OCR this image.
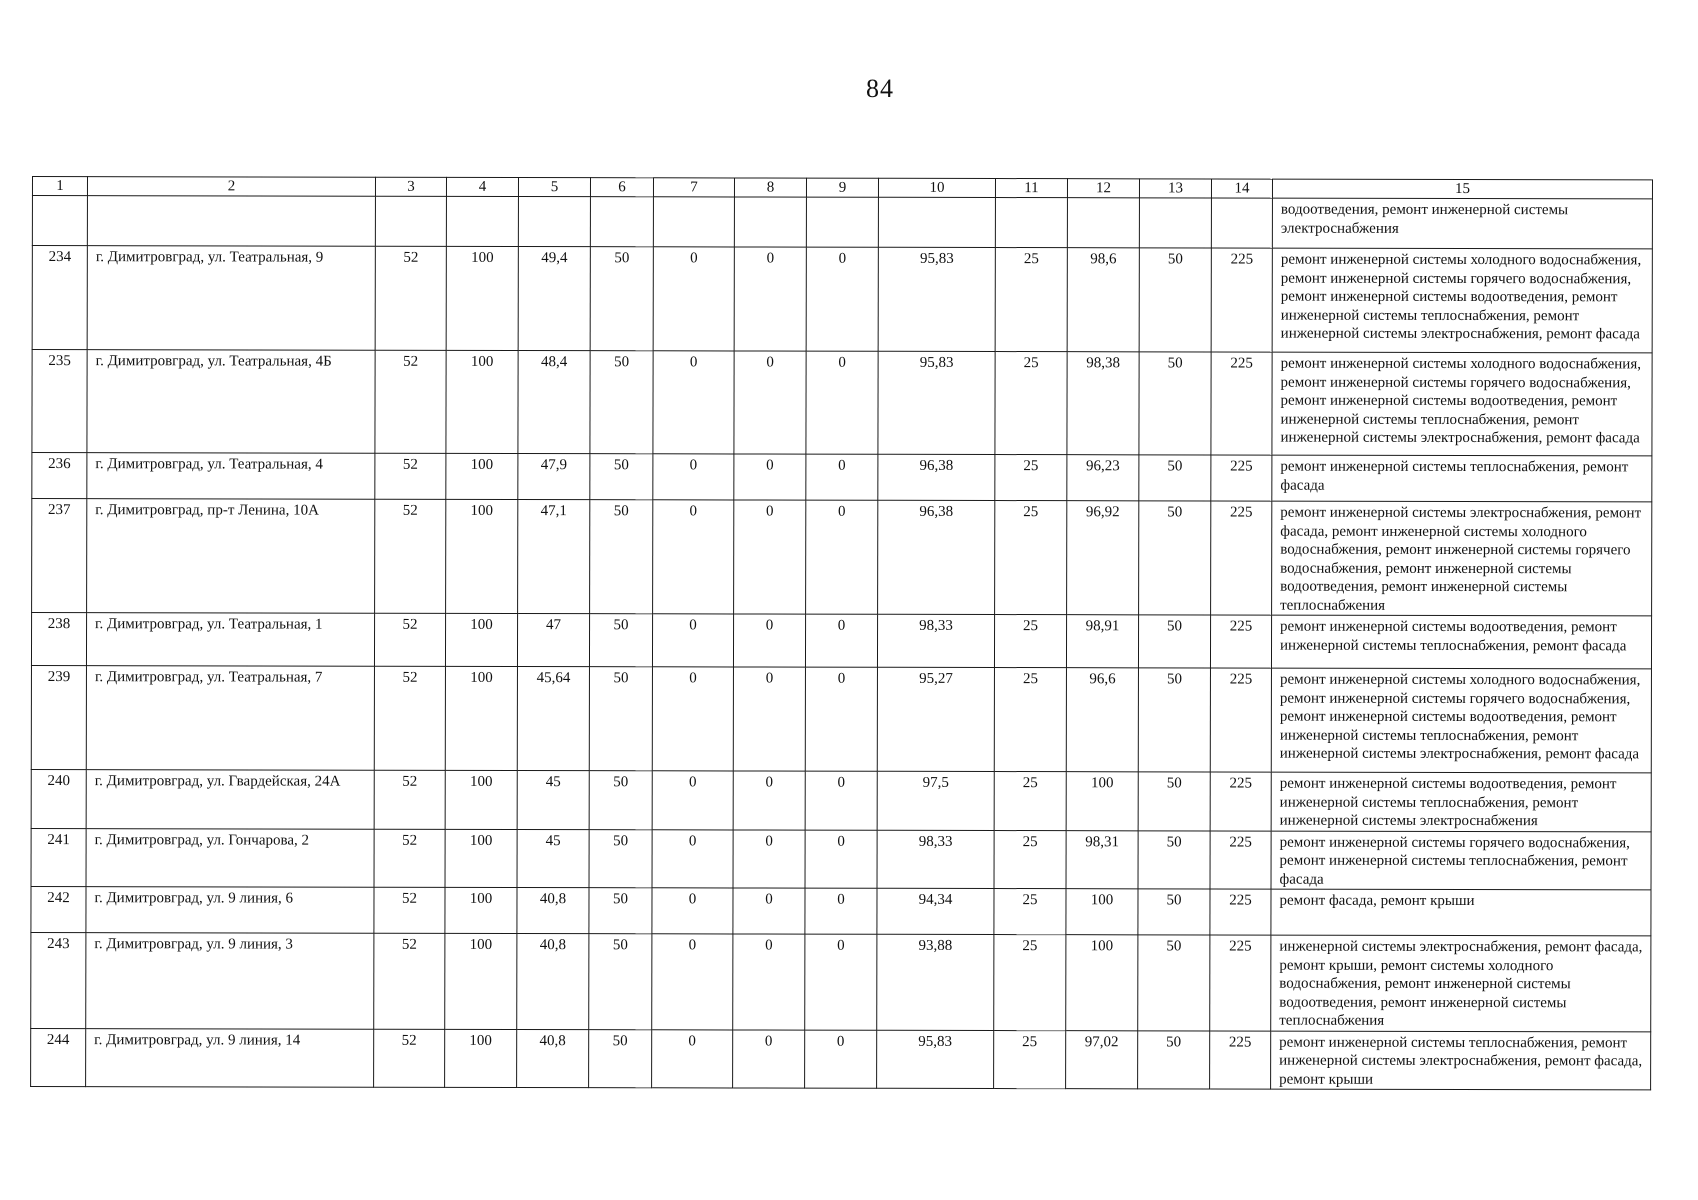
84
1	2	3	4	5	6	7	8	9	10	11	12	13	14	15
														водоотведения, ремонт инженерной системы электроснабжения
234	г. Димитровград, ул. Театральная, 9	52	100	49,4	50	0	0	0	95,83	25	98,6	50	225	ремонт инженерной системы холодного водоснабжения, ремонт инженерной системы горячего водоснабжения, ремонт инженерной системы водоотведения, ремонт инженерной системы теплоснабжения, ремонт инженерной системы электроснабжения, ремонт фасада
235	г. Димитровград, ул. Театральная, 4Б	52	100	48,4	50	0	0	0	95,83	25	98,38	50	225	ремонт инженерной системы холодного водоснабжения, ремонт инженерной системы горячего водоснабжения, ремонт инженерной системы водоотведения, ремонт инженерной системы теплоснабжения, ремонт инженерной системы электроснабжения, ремонт фасада
236	г. Димитровград, ул. Театральная, 4	52	100	47,9	50	0	0	0	96,38	25	96,23	50	225	ремонт инженерной системы теплоснабжения, ремонт фасада
237	г. Димитровград, пр-т Ленина, 10А	52	100	47,1	50	0	0	0	96,38	25	96,92	50	225	ремонт инженерной системы электроснабжения, ремонт фасада, ремонт инженерной системы холодного водоснабжения, ремонт инженерной системы горячего водоснабжения, ремонт инженерной системы водоотведения, ремонт инженерной системы теплоснабжения
238	г. Димитровград, ул. Театральная, 1	52	100	47	50	0	0	0	98,33	25	98,91	50	225	ремонт инженерной системы водоотведения, ремонт инженерной системы теплоснабжения, ремонт фасада
239	г. Димитровград, ул. Театральная, 7	52	100	45,64	50	0	0	0	95,27	25	96,6	50	225	ремонт инженерной системы холодного водоснабжения, ремонт инженерной системы горячего водоснабжения, ремонт инженерной системы водоотведения, ремонт инженерной системы теплоснабжения, ремонт инженерной системы электроснабжения, ремонт фасада
240	г. Димитровград, ул. Гвардейская, 24А	52	100	45	50	0	0	0	97,5	25	100	50	225	ремонт инженерной системы водоотведения, ремонт инженерной системы теплоснабжения, ремонт инженерной системы электроснабжения
241	г. Димитровград, ул. Гончарова, 2	52	100	45	50	0	0	0	98,33	25	98,31	50	225	ремонт инженерной системы горячего водоснабжения, ремонт инженерной системы теплоснабжения, ремонт фасада
242	г. Димитровград, ул. 9 линия, 6	52	100	40,8	50	0	0	0	94,34	25	100	50	225	ремонт фасада, ремонт крыши
243	г. Димитровград, ул. 9 линия, 3	52	100	40,8	50	0	0	0	93,88	25	100	50	225	инженерной системы электроснабжения, ремонт фасада, ремонт крыши, ремонт системы холодного водоснабжения, ремонт инженерной системы водоотведения, ремонт инженерной системы теплоснабжения
244	г. Димитровград, ул. 9 линия, 14	52	100	40,8	50	0	0	0	95,83	25	97,02	50	225	ремонт инженерной системы теплоснабжения, ремонт инженерной системы электроснабжения, ремонт фасада, ремонт крыши
